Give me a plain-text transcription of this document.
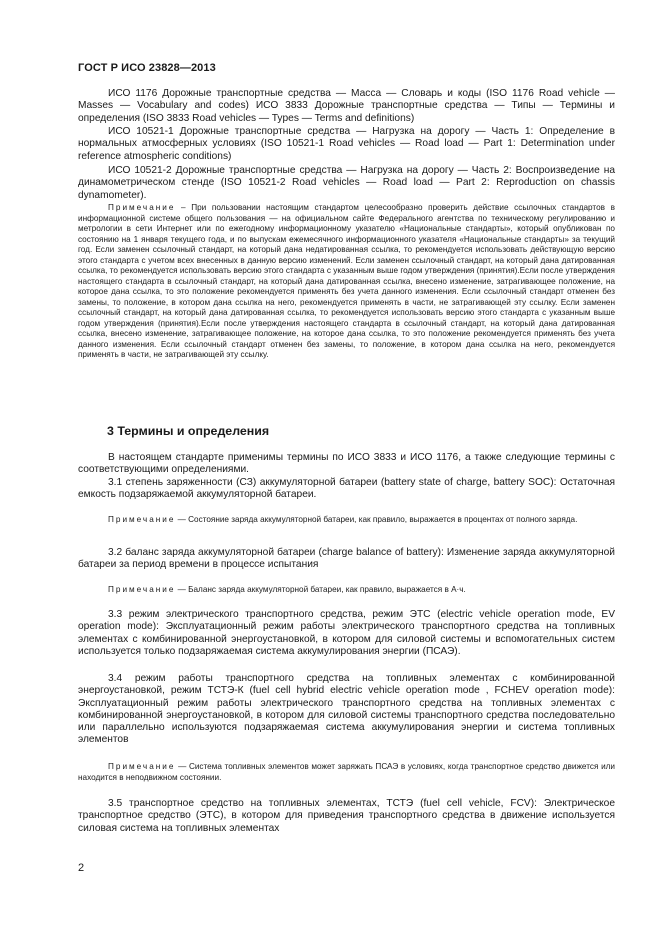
ГОСТ Р ИСО 23828—2013

ИСО 1176 Дорожные транспортные средства — Масса — Словарь и коды (ISO 1176 Road vehicle — Masses — Vocabulary and codes) ИСО 3833 Дорожные транспортные средства — Типы — Термины и определения (ISO 3833 Road vehicles — Types — Terms and definitions)

ИСО 10521-1 Дорожные транспортные средства — Нагрузка на дорогу — Часть 1: Определение в нормальных атмосферных условиях (ISO 10521-1 Road vehicles — Road load — Part 1: Determination under reference atmospheric conditions)

ИСО 10521-2 Дорожные транспортные средства — Нагрузка на дорогу — Часть 2: Воспроизведение на динамометрическом стенде (ISO 10521-2 Road vehicles — Road load — Part 2: Reproduction on chassis dynamometer).

Примечание – При пользовании настоящим стандартом целесообразно проверить действие ссылочных стандартов в информационной системе общего пользования — на официальном сайте Федерального агентства по техническому регулированию и метрологии в сети Интернет или по ежегодному информационному указателю «Национальные стандарты», который опубликован по состоянию на 1 января текущего года, и по выпускам ежемесячного информационного указателя «Национальные стандарты» за текущий год. Если заменен ссылочный стандарт, на который дана недатированная ссылка, то рекомендуется использовать действующую версию этого стандарта с учетом всех внесенных в данную версию изменений. Если заменен ссылочный стандарт, на который дана датированная ссылка, то рекомендуется использовать версию этого стандарта с указанным выше годом утверждения (принятия).Если после утверждения настоящего стандарта в ссылочный стандарт, на который дана датированная ссылка, внесено изменение, затрагивающее положение, на которое дана ссылка, то это положение рекомендуется применять без учета данного изменения. Если ссылочный стандарт отменен без замены, то положение, в котором дана ссылка на него, рекомендуется применять в части, не затрагивающей эту ссылку. Если заменен ссылочный стандарт, на который дана датированная ссылка, то рекомендуется использовать версию этого стандарта с указанным выше годом утверждения (принятия).Если после утверждения настоящего стандарта в ссылочный стандарт, на который дана датированная ссылка, внесено изменение, затрагивающее положение, на которое дана ссылка, то это положение рекомендуется применять без учета данного изменения. Если ссылочный стандарт отменен без замены, то положение, в котором дана ссылка на него, рекомендуется применять в части, не затрагивающей эту ссылку.

3 Термины и определения

В настоящем стандарте применимы термины по ИСО 3833 и ИСО 1176, а также следующие термины с соответствующими определениями.

3.1 степень заряженности (СЗ) аккумуляторной батареи (battery state of charge, battery SOC): Остаточная емкость подзаряжаемой аккумуляторной батареи.

Примечание — Состояние заряда аккумуляторной батареи, как правило, выражается в процентах от полного заряда.

3.2 баланс заряда аккумуляторной батареи (charge balance of battery): Изменение заряда аккумуляторной батареи за период времени в процессе испытания

Примечание — Баланс заряда аккумуляторной батареи, как правило, выражается в А·ч.

3.3 режим электрического транспортного средства, режим ЭТС (electric vehicle operation mode, EV operation mode): Эксплуатационный режим работы электрического транспортного средства на топливных элементах с комбинированной энергоустановкой, в котором для силовой системы и вспомогательных систем используется только подзаряжаемая система аккумулирования энергии (ПСАЭ).

3.4 режим работы транспортного средства на топливных элементах с комбинированной энергоустановкой, режим ТСТЭ-К (fuel cell hybrid electric vehicle operation mode , FCHEV operation mode): Эксплуатационный режим работы электрического транспортного средства на топливных элементах с комбинированной энергоустановкой, в котором для силовой системы транспортного средства последовательно или параллельно используются подзаряжаемая система аккумулирования энергии и система топливных элементов

Примечание — Система топливных элементов может заряжать ПСАЭ в условиях, когда транспортное средство движется или находится в неподвижном состоянии.

3.5 транспортное средство на топливных элементах, ТСТЭ (fuel cell vehicle, FCV): Электрическое транспортное средство (ЭТС), в котором для приведения транспортного средства в движение используется силовая система на топливных элементах

2
